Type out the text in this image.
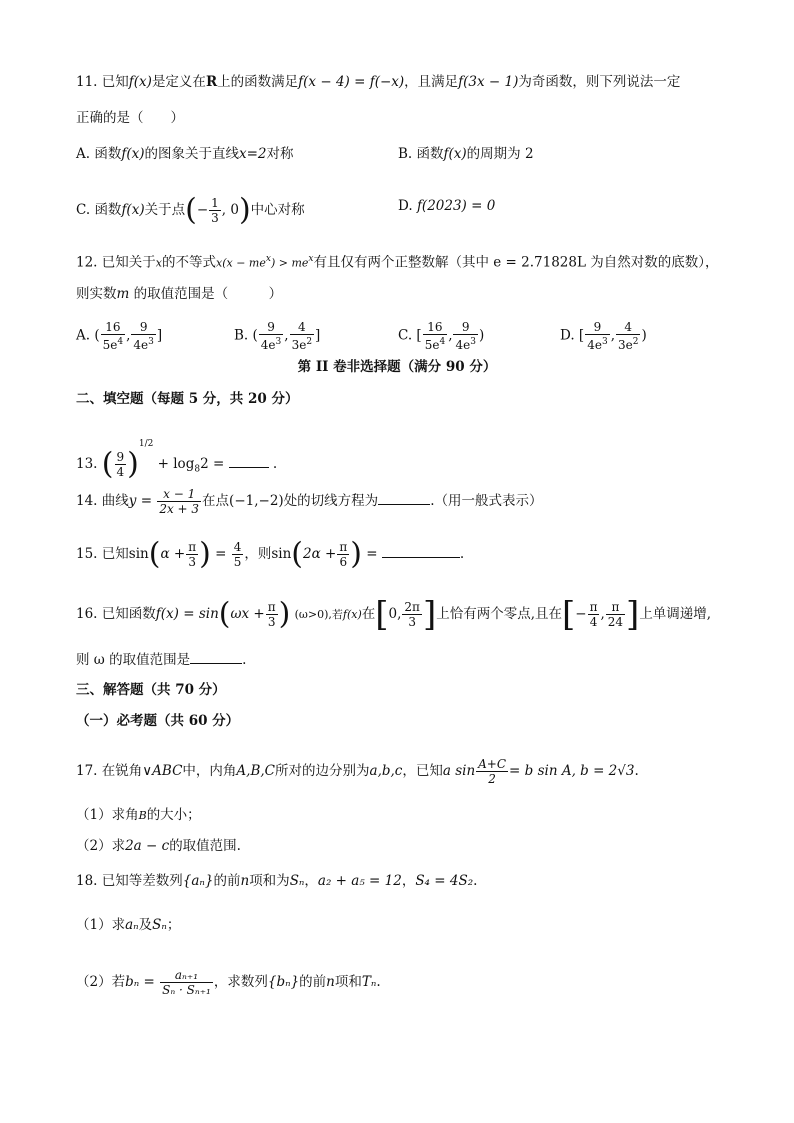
11. 已知f(x)是定义在R上的函数满足f(x − 4) = f(−x)，且满足f(3x − 1)为奇函数，则下列说法一定
正确的是（　　）
A. 函数f(x)的图象关于直线x=2对称	B. 函数f(x)的周期为 2
C. 函数f(x)关于点(− $\frac{1}{3}$ , 0)中心对称	D. f(2023) = 0
12. 已知关于x的不等式$x(x - me^x) > me^x$有且仅有两个正整数解（其中 e = 2.71828L 为自然对数的底数），
则实数m 的取值范围是（　　　）
A. ( $\frac{16}{5e^4}$ , $\frac{9}{4e^3}$ ]	B. ( $\frac{9}{4e^3}$ , $\frac{4}{3e^2}$ ]	C. [ $\frac{16}{5e^4}$ , $\frac{9}{4e^3}$ )	D. [ $\frac{9}{4e^3}$ , $\frac{4}{3e^2}$ )
第 II 卷非选择题（满分 90 分）
二、填空题（每题 5 分，共 20 分）
13. ( $\frac{9}{4} )^{1/2} + \log_82$ =	.
14. 曲线$y = \frac{x - 1}{2x + 3}$ 在点(−1,−2)处的切线方程为	.（用一般式表示）
15. 已知$\sin(\alpha + \frac{\pi}{3}$ ) = $\frac{4}{5}$ ，则$\sin(2\alpha + \frac{\pi}{6}$ ) =	.
16. 已知函数$f(x) = \sin(\omega x + \frac{\pi}{3}$ ) (ω>0),若f(x)在[0, $\frac{2\pi}{3}$ ]上恰有两个零点,且在[− $\frac{\pi}{4}$ , $\frac{\pi}{24}$ ]上单调递增,
则 ω 的取值范围是	.
三、解答题（共 70 分）
（一）必考题（共 60 分）
17. 在锐角∨ABC中，内角A,B,C所对的边分别为a,b,c，已知a $\sin \frac{A+C}{2} = b$ sin A, b = 2√3.
（1）求角B的大小；
（2）求2a − c的取值范围.
18. 已知等差数列{aₙ}的前n项和为Sₙ，a₂ + a₅ = 12，S₄ = 4S₂.
（1）求aₙ及Sₙ；
（2）若$b_n = \frac{\text{aₙ₊₁}}{\text{Sₙ · Sₙ₊₁}}$ ，求数列{bₙ}的前n项和Tₙ.
